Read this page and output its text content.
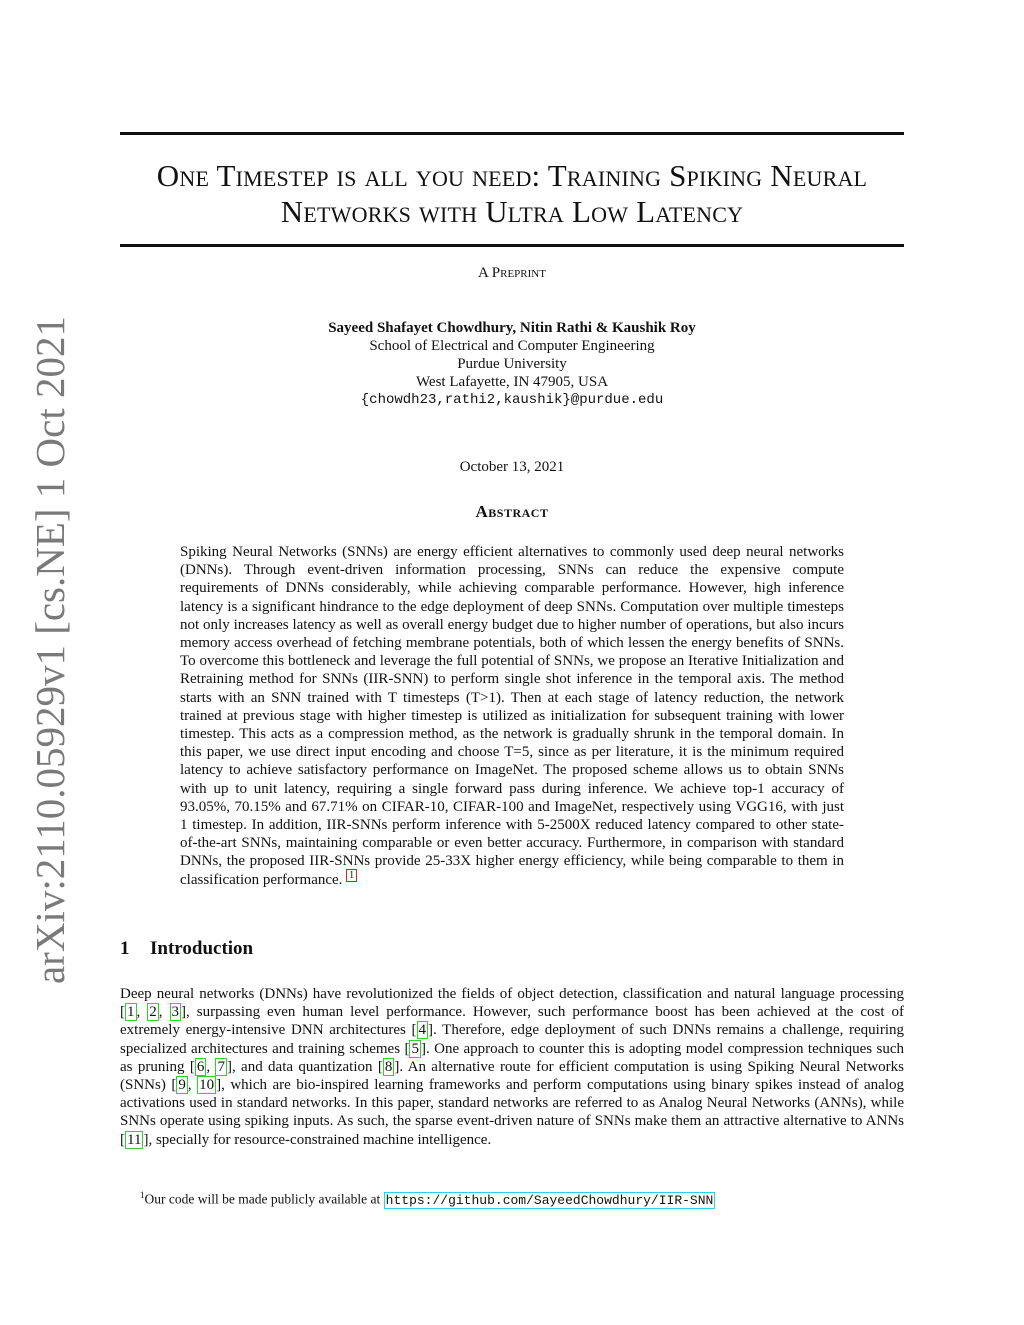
arXiv:2110.05929v1 [cs.NE] 1 Oct 2021
One Timestep is all you need: Training Spiking Neural
Networks with Ultra Low Latency
A Preprint
Sayeed Shafayet Chowdhury, Nitin Rathi & Kaushik Roy
School of Electrical and Computer Engineering
Purdue University
West Lafayette, IN 47905, USA
{chowdh23,rathi2,kaushik}@purdue.edu
October 13, 2021
Abstract

Spiking Neural Networks (SNNs) are energy efficient alternatives to commonly used deep neural networks (DNNs). Through event-driven information processing, SNNs can reduce the expensive compute requirements of DNNs considerably, while achieving comparable performance. However, high inference latency is a significant hindrance to the edge deployment of deep SNNs. Computation over multiple timesteps not only increases latency as well as overall energy budget due to higher number of operations, but also incurs memory access overhead of fetching membrane potentials, both of which lessen the energy benefits of SNNs. To overcome this bottleneck and leverage the full potential of SNNs, we propose an Iterative Initialization and Retraining method for SNNs (IIR-SNN) to perform single shot inference in the temporal axis. The method starts with an SNN trained with T timesteps (T>1). Then at each stage of latency reduction, the network trained at previous stage with higher timestep is utilized as initialization for subsequent training with lower timestep. This acts as a compression method, as the network is gradually shrunk in the temporal domain. In this paper, we use direct input encoding and choose T=5, since as per literature, it is the minimum required latency to achieve satisfactory performance on ImageNet. The proposed scheme allows us to obtain SNNs with up to unit latency, requiring a single forward pass during inference. We achieve top-1 accuracy of 93.05%, 70.15% and 67.71% on CIFAR-10, CIFAR-100 and ImageNet, respectively using VGG16, with just 1 timestep. In addition, IIR-SNNs perform inference with 5-2500X reduced latency compared to other state-of-the-art SNNs, maintaining comparable or even better accuracy. Furthermore, in comparison with standard DNNs, the proposed IIR-SNNs provide 25-33X higher energy efficiency, while being comparable to them in classification performance. $^1$

1 Introduction

Deep neural networks (DNNs) have revolutionized the fields of object detection, classification and natural language processing [ 1 , 2 , 3 ], surpassing even human level performance. However, such performance boost has been achieved at the cost of extremely energy-intensive DNN architectures [ 4 ]. Therefore, edge deployment of such DNNs remains a challenge, requiring specialized architectures and training schemes [ 5 ]. One approach to counter this is adopting model compression techniques such as pruning [ 6 , 7 ], and data quantization [ 8 ]. An alternative route for efficient computation is using Spiking Neural Networks (SNNs) [ 9 , 10 ], which are bio-inspired learning frameworks and perform computations using binary spikes instead of analog activations used in standard networks. In this paper, standard networks are referred to as Analog Neural Networks (ANNs), while SNNs operate using spiking inputs. As such, the sparse event-driven nature of SNNs make them an attractive alternative to ANNs [ 11 ], specially for resource-constrained machine intelligence.

$^1$Our code will be made publicly available at https://github.com/SayeedChowdhury/IIR-SNN
